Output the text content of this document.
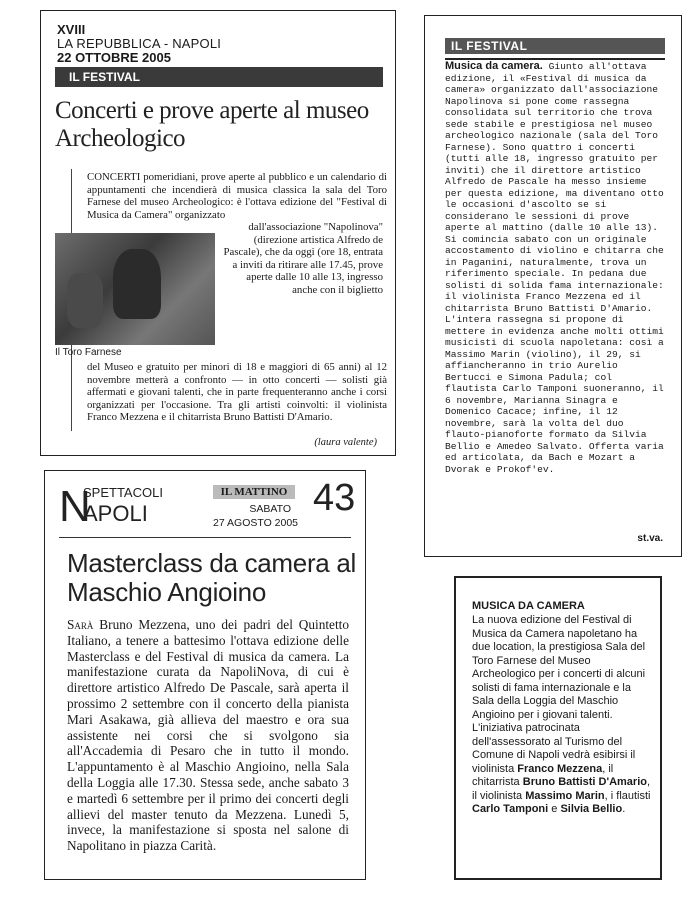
XVIII
LA REPUBBLICA - NAPOLI
22 OTTOBRE 2005
IL FESTIVAL
Concerti e prove aperte al museo Archeologico
CONCERTI pomeridiani, prove aperte al pubblico e un calendario di appuntamenti che incendierà di musica classica la sala del Toro Farnese del museo Archeologico: è l'ottava edizione del "Festival di Musica da Camera" organizzato
Il Toro Farnese
dall'associazione "Napolinova" (direzione artistica Alfredo de Pascale), che da oggi (ore 18, entrata a inviti da ritirare alle 17.45, prove aperte dalle 10 alle 13, ingresso anche con il biglietto
del Museo e gratuito per minori di 18 e maggiori di 65 anni) al 12 novembre metterà a confronto — in otto concerti — solisti già affermati e giovani talenti, che in parte frequenteranno anche i corsi organizzati per l'occasione. Tra gli artisti coinvolti: il violinista Franco Mezzena e il chitarrista Bruno Battisti D'Amario.
(laura valente)
IL FESTIVAL
Musica da camera. Giunto all'ottava edizione, il «Festival di musica da camera» organizzato dall'associazione Napolinova si pone come rassegna consolidata sul territorio che trova sede stabile e prestigiosa nel museo archeologico nazionale (sala del Toro Farnese). Sono quattro i concerti (tutti alle 18, ingresso gratuito per inviti) che il direttore artistico Alfredo de Pascale ha messo insieme per questa edizione, ma diventano otto le occasioni d'ascolto se si considerano le sessioni di prove aperte al mattino (dalle 10 alle 13). Si comincia sabato con un originale accostamento di violino e chitarra che in Paganini, naturalmente, trova un riferimento speciale. In pedana due solisti di solida fama internazionale: il violinista Franco Mezzena ed il chitarrista Bruno Battisti D'Amario.
L'intera rassegna si propone di mettere in evidenza anche molti ottimi musicisti di scuola napoletana: così a Massimo Marin (violino), il 29, si affiancheranno in trio Aurelio Bertucci e Simona Padula; col flautista Carlo Tamponi suoneranno, il 6 novembre, Marianna Sinagra e Domenico Cacace; infine, il 12 novembre, sarà la volta del duo flauto-pianoforte formato da Silvia Bellio e Amedeo Salvato. Offerta varia ed articolata, da Bach e Mozart a Dvorak e Prokof'ev.
st.va.
N
SPETTACOLI
APOLI
IL MATTINO
SABATO
27 AGOSTO 2005
43
Masterclass da camera al Maschio Angioino
Sarà Bruno Mezzena, uno dei padri del Quintetto Italiano, a tenere a battesimo l'ottava edizione delle Masterclass e del Festival di musica da camera. La manifestazione curata da NapoliNova, di cui è direttore artistico Alfredo De Pascale, sarà aperta il prossimo 2 settembre con il concerto della pianista Mari Asakawa, già allieva del maestro e ora sua assistente nei corsi che si svolgono sia all'Accademia di Pesaro che in tutto il mondo. L'appuntamento è al Maschio Angioino, nella Sala della Loggia alle 17.30. Stessa sede, anche sabato 3 e martedì 6 settembre per il primo dei concerti degli allievi del master tenuto da Mezzena. Lunedì 5, invece, la manifestazione si sposta nel salone di Napolitano in piazza Carità.
MUSICA DA CAMERA
La nuova edizione del Festival di Musica da Camera napoletano ha due location, la prestigiosa Sala del Toro Farnese del Museo Archeologico per i concerti di alcuni solisti di fama internazionale e la Sala della Loggia del Maschio Angioino per i giovani talenti. L'iniziativa patrocinata dell'assessorato al Turismo del Comune di Napoli vedrà esibirsi il violinista Franco Mezzena, il chitarrista Bruno Battisti D'Amario, il violinista Massimo Marin, i flautisti Carlo Tamponi e Silvia Bellio.
